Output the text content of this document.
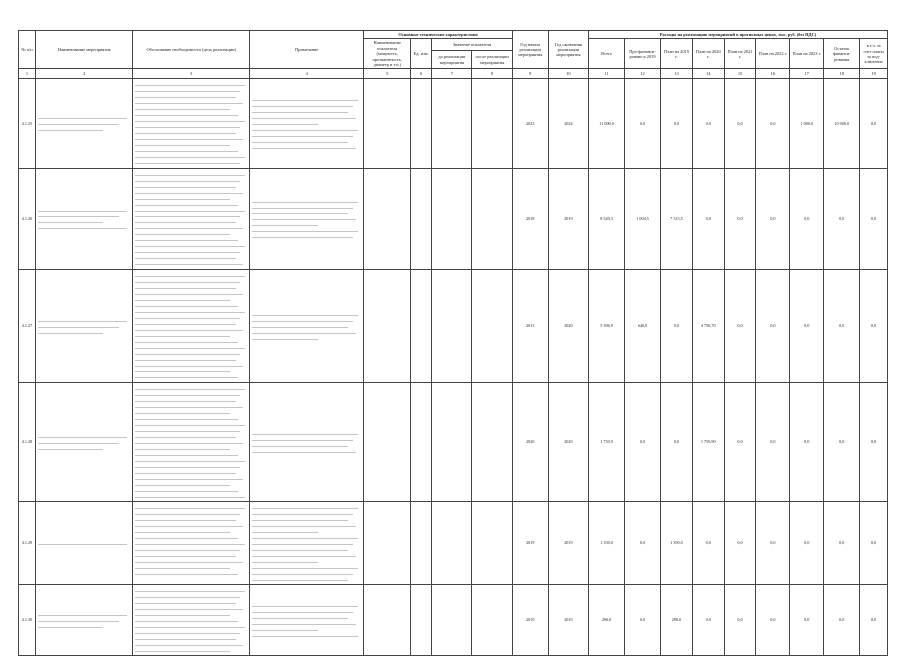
№ п/п	Наименование мероприятия	Обоснование необходимости (цель реализации)	Примечание	Основные технические характеристики				Год начала реализации мероприятия	Год окончания реализации мероприятия	Расходы на реализацию мероприятий в прогнозных ценах, тыс. руб. (без НДС)								
				Наименование показателя (мощность, протяженность, диаметр и т.п.)	Ед. изм.	Значение показателя				Всего	Про-финанси-ровано к 2019	План на 2019 г.	План на 2020 г.	План на 2021 г.	План на 2022 г.	План на 2023 г.	Остаток финанси-рования	в т.ч. за счет платы за под-ключение
						до реализации мероприятия	после реализации мероприятия											
1	2	3	4	5	6	7	8	9	10	11	12	13	14	15	16	17	18	19
4.1.25								2023	2024	11 000,0	0,0	0,0	0,0	0,0	0,0	1 000,0	10 000,0	0,0
4.1.26								2018	2019	8 320,3	1 004,5	7 315,5	0,0	0,0	0,0	0,0	0,0	0,0
4.1.27								2013	2020	5 396,9	640,0	0,0	4 756,70	0,0	0,0	0,0	0,0	0,0
4.1.28								2020	2020	1 750,9	0,0	0,0	1 750,90	0,0	0,0	0,0	0,0	0,0
4.1.29								2019	2019	1 350,0	0,0	1 350,0	0,0	0,0	0,0	0,0	0,0	0,0
4.1.30								2019	2019	290,0	0,0	290,0	0,0	0,0	0,0	0,0	0,0	0,0
